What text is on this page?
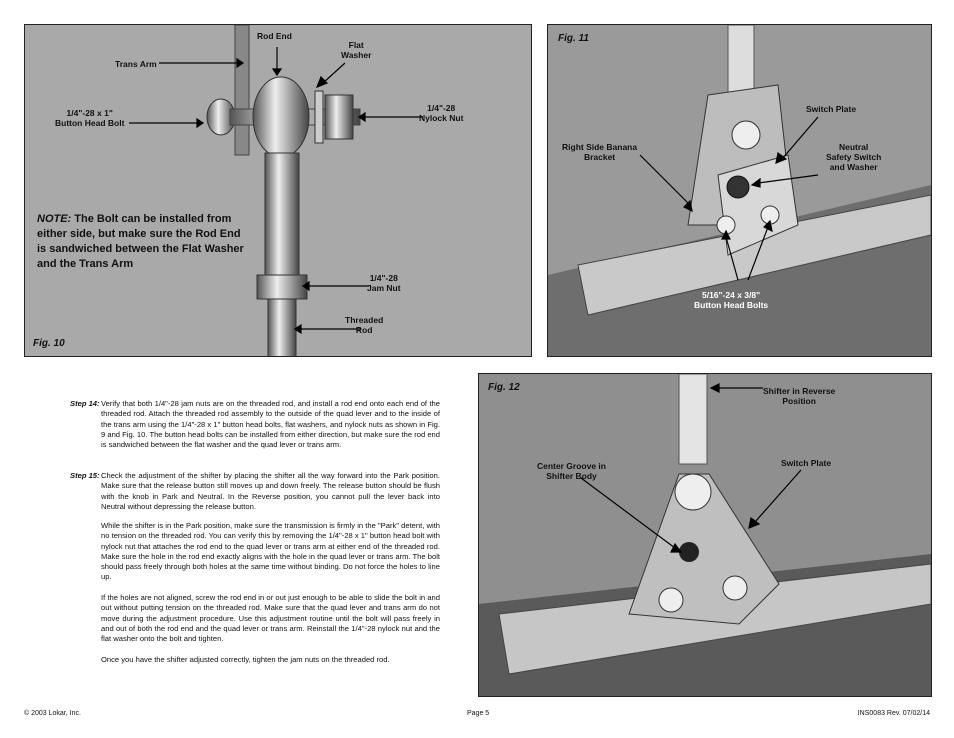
Rod End
Flat
Washer
Trans Arm
1/4"-28 x 1"
Button Head Bolt
1/4"-28
Nylock Nut
1/4"-28
Jam Nut
Threaded
Rod
NOTE: The Bolt can be installed from either side, but make sure the Rod End is sandwiched between the Flat Washer and the Trans Arm
Fig. 10
Fig. 11
Switch Plate
Right Side Banana
Bracket
Neutral
Safety Switch
and Washer
5/16"-24 x 3/8"
Button Head Bolts
Fig. 12	Shifter in Reverse
Position
Center Groove in
Shifter Body
Switch Plate
Step 14: Verify that both 1/4"-28 jam nuts are on the threaded rod, and install a rod end onto each end of the threaded rod. Attach the threaded rod assembly to the outside of the quad lever and to the inside of the trans arm using the 1/4"-28 x 1" button head bolts, flat washers, and nylock nuts as shown in Fig. 9 and Fig. 10. The button head bolts can be installed from either direction, but make sure the rod end is sandwiched between the flat washer and the quad lever or trans arm.
Step 15: Check the adjustment of the shifter by placing the shifter all the way forward into the Park position. Make sure that the release button still moves up and down freely. The release button should be flush with the knob in Park and Neutral. In the Reverse position, you cannot pull the lever back into Neutral without depressing the release button.
While the shifter is in the Park position, make sure the transmission is firmly in the "Park" detent, with no tension on the threaded rod. You can verify this by removing the 1/4"-28 x 1" button head bolt with nylock nut that attaches the rod end to the quad lever or trans arm at either end of the threaded rod. Make sure the hole in the rod end exactly aligns with the hole in the quad lever or trans arm. The bolt should pass freely through both holes at the same time without binding. Do not force the holes to line up.
If the holes are not aligned, screw the rod end in or out just enough to be able to slide the bolt in and out without putting tension on the threaded rod. Make sure that the quad lever and trans arm do not move during the adjustment procedure. Use this adjustment routine until the bolt will pass freely in and out of both the rod end and the quad lever or trans arm. Reinstall the 1/4"-28 nylock nut and the flat washer onto the bolt and tighten.
Once you have the shifter adjusted correctly, tighten the jam nuts on the threaded rod.
© 2003 Lokar, Inc.	Page 5	INS0083 Rev. 07/02/14
